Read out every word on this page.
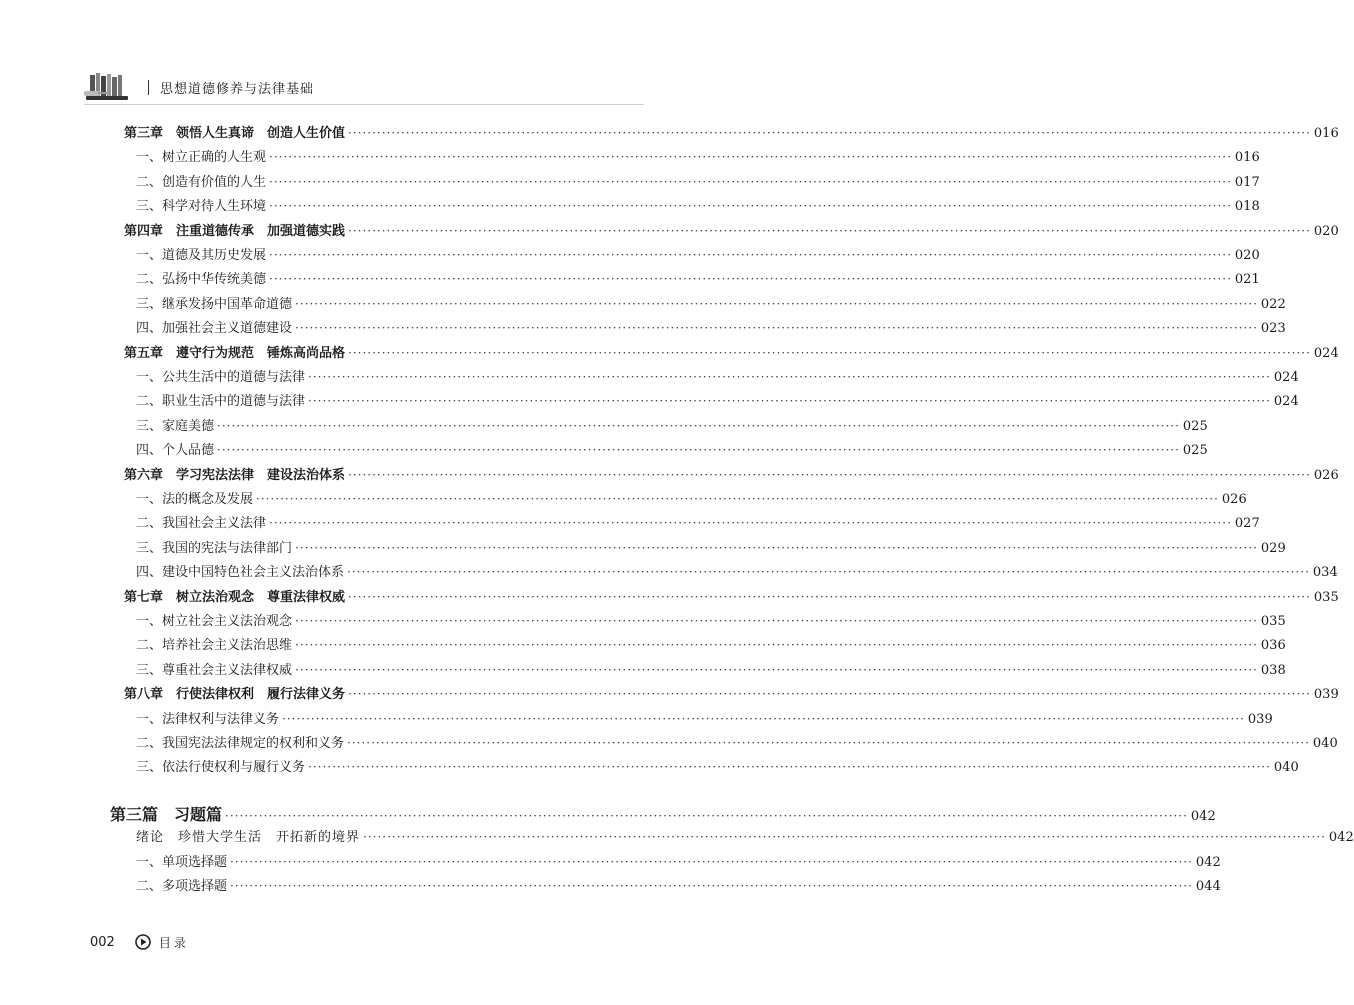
思想道德修养与法律基础
第三章　领悟人生真谛　创造人生价值 ········································································································································································································ 016
一、树立正确的人生观 ········································································································································································································ 016
二、创造有价值的人生 ········································································································································································································ 017
三、科学对待人生环境 ········································································································································································································ 018
第四章　注重道德传承　加强道德实践 ········································································································································································································ 020
一、道德及其历史发展 ········································································································································································································ 020
二、弘扬中华传统美德 ········································································································································································································ 021
三、继承发扬中国革命道德 ········································································································································································································ 022
四、加强社会主义道德建设 ········································································································································································································ 023
第五章　遵守行为规范　锤炼高尚品格 ········································································································································································································ 024
一、公共生活中的道德与法律 ········································································································································································································ 024
二、职业生活中的道德与法律 ········································································································································································································ 024
三、家庭美德 ········································································································································································································ 025
四、个人品德 ········································································································································································································ 025
第六章　学习宪法法律　建设法治体系 ········································································································································································································ 026
一、法的概念及发展 ········································································································································································································ 026
二、我国社会主义法律 ········································································································································································································ 027
三、我国的宪法与法律部门 ········································································································································································································ 029
四、建设中国特色社会主义法治体系 ········································································································································································································ 034
第七章　树立法治观念　尊重法律权威 ········································································································································································································ 035
一、树立社会主义法治观念 ········································································································································································································ 035
二、培养社会主义法治思维 ········································································································································································································ 036
三、尊重社会主义法律权威 ········································································································································································································ 038
第八章　行使法律权利　履行法律义务 ········································································································································································································ 039
一、法律权利与法律义务 ········································································································································································································ 039
二、我国宪法法律规定的权利和义务 ········································································································································································································ 040
三、依法行使权利与履行义务 ········································································································································································································ 040
第三篇　习题篇 ········································································································································································································ 042
绪论　珍惜大学生活　开拓新的境界 ········································································································································································································ 042
一、单项选择题 ········································································································································································································ 042
二、多项选择题 ········································································································································································································ 044
002	目录
